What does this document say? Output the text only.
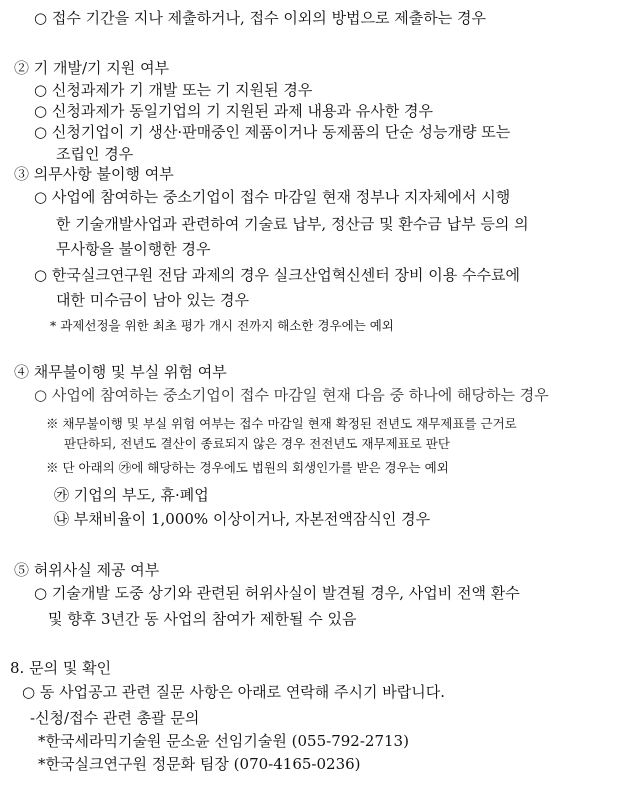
○ 접수 기간을 지나 제출하거나, 접수 이외의 방법으로 제출하는 경우
② 기 개발/기 지원 여부
○ 신청과제가 기 개발 또는 기 지원된 경우
○ 신청과제가 동일기업의 기 지원된 과제 내용과 유사한 경우
○ 신청기업이 기 생산·판매중인 제품이거나 동제품의 단순 성능개량 또는
조립인 경우
③ 의무사항 불이행 여부
○ 사업에 참여하는 중소기업이 접수 마감일 현재 정부나 지자체에서 시행
한 기술개발사업과 관련하여 기술료 납부, 정산금 및 환수금 납부 등의 의
무사항을 불이행한 경우
○ 한국실크연구원 전담 과제의 경우 실크산업혁신센터 장비 이용 수수료에
대한 미수금이 남아 있는 경우
* 과제선정을 위한 최초 평가 개시 전까지 해소한 경우에는 예외
④ 채무불이행 및 부실 위험 여부
○ 사업에 참여하는 중소기업이 접수 마감일 현재 다음 중 하나에 해당하는 경우
※ 채무불이행 및 부실 위험 여부는 접수 마감일 현재 확정된 전년도 재무제표를 근거로
판단하되, 전년도 결산이 종료되지 않은 경우 전전년도 재무제표로 판단
※ 단 아래의 ㉮에 해당하는 경우에도 법원의 회생인가를 받은 경우는 예외
㉮ 기업의 부도, 휴·폐업
㉯ 부채비율이 1,000% 이상이거나, 자본전액잠식인 경우
⑤ 허위사실 제공 여부
○ 기술개발 도중 상기와 관련된 허위사실이 발견될 경우, 사업비 전액 환수
및 향후 3년간 동 사업의 참여가 제한될 수 있음
8. 문의 및 확인
○ 동 사업공고 관련 질문 사항은 아래로 연락해 주시기 바랍니다.
-신청/접수 관련 총괄 문의
*한국세라믹기술원 문소윤 선임기술원 (055-792-2713)
*한국실크연구원 정문화 팀장 (070-4165-0236)
